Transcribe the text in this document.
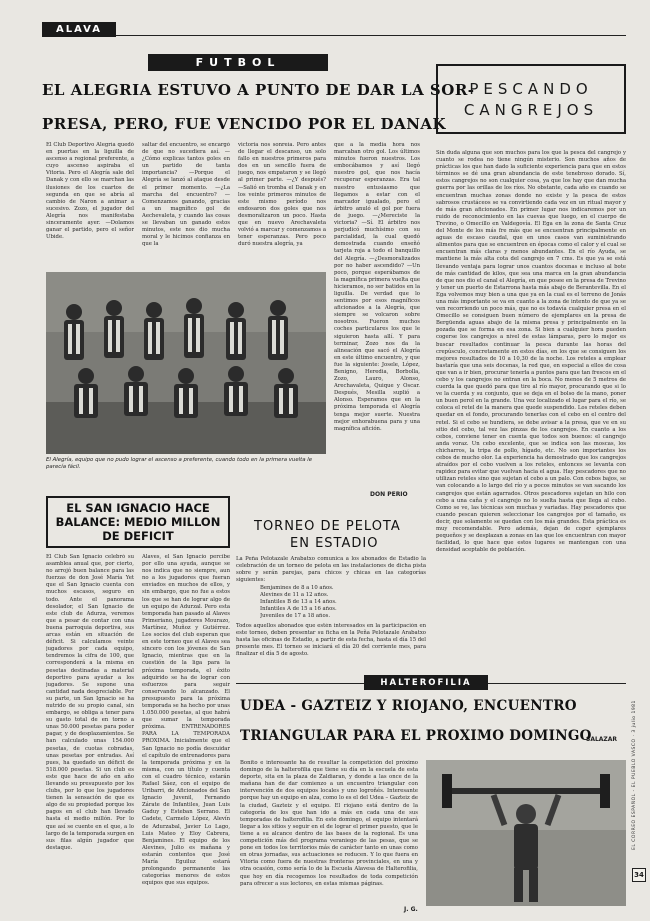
ALAVA
FUTBOL
EL ALEGRIA ESTUVO A PUNTO DE DAR LA SOR-
PRESA, PERO, FUE VENCIDO POR EL DANAK
El Club Deportivo Alegría quedó en puertas en la liguilla de ascenso a regional preferente, a cuyo ascenso aspiraba el Vitoria. Pero el Alegría sale del Danak y con ello se marchan las ilusiones de los cuartos de segunda en que se abría al cambio de Naron a animar a sucesivo. Zozo, el jugador del Alegría nos manifestaba sinceramente ayer. —Dolamos ganar el partido, pero el señor Ubide.
saltar del encuentro, se encargó de que no sucediera así. —¿Cómo explicas tantos goles en un partido de tanta importancia? —Porque el Alegría se lanzó al ataque desde el primer momento. —¿La marcha del encuentro? —Comenzamos ganando, gracias a un magnífico gol de Aechevaleta, y cuando las cosas se llevaban un ganado estos minutos, este nos dio mucha moral y le hicimos confianza en que la
victoria nos sonreía. Pero antes de llegar el descanso, un solo fallo en nuestros primeros para dos en un sencillo fuera de juego, nos empataron y se llegó al primer parte. —¿Y después? —Salió en tromba el Danak y en los veinte primeros minutos de este mismo período nos endosaron dos goles que nos desmoralizaron un poco. Hasta que en nuevo Arechavaleta volvió a marcar y comenzamos a tener esperanzas. Pero poco duró nuestra alegría, ya
que a la media hora nos marcaban otro gol. Los últimos minutos fueron nuestros. Los embocábamos y así llegó nuestro gol, que nos hacía recuperar esperanzas. Era tal nuestro entusiasmo que llegamos a estar con el marcador igualado, pero el árbitro anuló el gol por fuera de juego. —¿Mereciste la victoria? —Sí. El árbitro nos perjudicó muchísimo con su parcialidad, la cual quedó demostrada cuando enseñó tarjeta roja a todo el banquillo del Alegría. —¿Desmoralizados por no haber ascendido? —Un poco, porque esperábamos de la magnífica primera vuelta que hicieramos, no ser batidos en la liguilla. De verdad que lo sentimos por esos magníficos aficionados a la Alegría, que siempre se volcaron sobre nosotros. Fueron muchos coches particulares los que le siguieron hasta allí. Y para terminar, Zozo nos da la alineación que sacó el Alegría en este último encuentro, y que fue la siguiente: Josele, López, Benigno, Heredia, Borbolla, Zozo, Lauro, Alonso, Arechavaleta, Quique y Oscar. Después, Mesilla suplió a Alonso. Esperamos que en la próxima temporada el Alegría tenga mejor suerte. Nuestra mejor enhorabuena para y una magnífica afición.
El Alegría, equipo que no pudo lograr el ascenso a preferente, cuando todo en la primera vuelta le parecía fácil.
DON PERIO
PESCANDO
CANGREJOS
Sin duda alguna que son muchos para los que la pesca del cangrejo y cuanto se rodea no tiene ningún misterio. Son muchos años de prácticas los que han dado la suficiente experiencia para que en estos términos se dé una gran abundancia de este tenebroso dorado. Sí, estos cangrejos no son cualquier cosa, ya que los hay que dan mucha guerra por las orillas de los ríos. No obstante, cada año es cuando se encuentran muchas zonas donde no existe y la pesca de estos sabrosos crustáceos se va convirtiendo cada vez en un ritual mayor y de más gran aficionados. En primer lugar nos indicaremos por un ruido de reconocimiento en las cuevas que luego, en el cuerpo de Trevino, o Omecillo en Valdegovía. El Ega en la zona de Santa Cruz del Monte de los más fre más que se encuentran principalmente en aguas de escaso caudal, que en unos casos van suministrando alimentos para que se encuentren en épocas como el calor y el cual se encuentran más claras y menos abundantes. En el río Ayuda, se mantiene la más alta cota del cangrejo en 7 cms. Es que ya se está llevando ventaja para lograr unos cuantos docenas e incluso al bote de más cantidad de kilos, que sea una marca en la gran abundancia de que nos dio el canal el Alegría, en que posee en la presa de Trevino y tener un puerto de Estarrona hasta más abajo de Berantevilla. En el Ega volvemos muy bien a una que ya en la cual es el terreno de Jonás una más importante se va en cuanto a la zona de intento de que ya se ven recorriendo un poco más, que no es todavía cualquier presa en el Omecillo se consiguen buen número de ejemplares en la presa de Bergüenda aguas abajo de la misma presa y principalmente en la pozada que se forma en esa zona. Si bien a cualquier hora pueden cogerse los cangrejos a nivel de estas lámparas, pero lo mejor es buscar resultados continuar la pesca durante las horas del crepúsculo, concretamente en estos días, en los que se consiguen los mejores resultados de 10 a 10,30 de la noche. Los reteles a emplear bastaría que una seis docenas, la red que, en especial a ellos de cosa que van a ir bien, procurar tenerla a puntos para que tan frescos en el cebo y los cangrejos no entran en la boca. No menos de 5 metros de cuerda la que quedó para que tire al río mayor, procurando que si lo ve la cuerda y su conjunto, que se deja en el bolso de la mano, poner un buen perol en la grande. Una vez localizado el lugar para el río, se coloca el retel de la manera que quede suspendido. Los reteles deben quedar en el fondo, procurando tenerlas con el cebo en el centro del retel. Si el cebo se hundiera, se debe avisar a la presa, que ve en su sitio del cebo, tal vez las pinzas de los cangrejos. En cuanto a los cebos, conviene tener en cuenta que todos son buenos: el cangrejo anda voraz. Un cebo excelente, que se indica son las moscas, los chicharros, la tripa de pollo, hígado, etc. No son importantes los cebos de mucho olor. La experiencia ha demostrado que los cangrejos atraídos por el cebo vuelven a los reteles, entonces se levanta con rapidez para evitar que vuelvan hacia el agua. Hay pescadores que no utilizan reteles sino que sujetan el cebo a un palo. Con cebos bajos, se van colocando a lo largo del río y a pocos minutos se van sacando los cangrejos que están agarrados. Otros pescadores sujetan un hilo con cebo a una caña y el cangrejo no lo suelta hasta que llega al cubo. Como se ve, las técnicas son muchas y variadas. Hay pescadores que cuando pescan quieren seleccionar los cangrejos por el tamaño, es decir, que solamente se quedan con los más grandes. Esta práctica es muy recomendable. Pero además, dejan de coger ejemplares pequeños y se desplazan a zonas en las que los encuentran con mayor facilidad, lo que hace que estos lugares se mantengan con una densidad aceptable de población.
SALAZAR
EL SAN IGNACIO HACE BALANCE: MEDIO MILLON DE DEFICIT
El Club San Ignacio celebró su asamblea anual que, por cierto, no arrojó buen balance para las fuerzas de don José María Yet que el San Ignacio cuenta con muchos escasos, seguro en todo. Ante el panorama desolador, el San Ignacio de este club de Adurza, veremos que a pesar de contar con una buena parroquia deportiva, sus arcas están en situación de déficit. Si calculamos veinte jugadores por cada equipo, tendremos la cifra de 100, que corresponderá a la misma en pesetas destinadas a material deportivo para ayudar a los jugadores. Se supone una cantidad nada despreciable. Por su parte, un San Ignacio se ha nutrido de su propio canal, sin embargo, se obliga a tener para su gasto total de en torno a unas 50.000 pesetas para poder pagar, y de desplazamientos. Se han calculado unas 154.000 pesetas, de cuotas cobradas, unas pesetas por entradas. Así pues, ha quedado un déficit de 518.000 pesetas. Si un club es este que hace de año en año llevando su presupuesto por los clubs, por lo que los jugadores tienen la sensación de que es algo de su propiedad porque los pagos en el club han llevado hasta el medio millón. Por lo que así se cuente en el que, a lo largo de la temporada surgen en sus filas algún jugador que destaque.
Alaves, el San Ignacio percibe por ello una ayuda, aunque se nos indica que no siempre, aun no a los jugadores que fueran enviados en muchos de ellos, y sin embargo, que no fue a estos los que se han de lograr algo de un equipo de Adurzal. Pero esta temporada han pasado al Alaves Primeriano, jugadores Mourazo, Martínez, Muñoz y Gutiérrez. Los socios del club esperan que en este torneo que el Alaves sea sincero con los jóvenes de San Ignacio, mientras que en la cuestión de la liga para la próxima temporada, el éxito adquirido se ha de lograr con esfuerzos para seguir conservando lo alcanzado. El presupuesto para la próxima temporada se ha hecho por unas 1.050.000 pesetas, al que habrá que sumar la temporada próxima. ENTRENADORES PARA LA TEMPORADA PROXIMA. Inicialmente que el San Ignacio no podía descuidar el capítulo de entrenadores para la temporada próxima y en la misma, con un título y cuenta con el cuadro técnico, estarán Rafael Sáez, con el equipo de Uribarri, de Aficionados del San Ignacio Juvenil, Fernando Zárate de Infantiles, Juan Luis Gaduy y Esteban Serrano. El Cadete, Carmelo López, Alevín de Adurzabal, Javier Lo Lago, Luis Mateo y Eloy Cabrera, Benjamines. El equipo de los Alevines, Julio es mañana y estarán contentos que José María Eguiluz estará prolongando permanente las categorías menores de estos equipos que sus equipos.
TORNEO DE PELOTA
EN ESTADIO
La Peña Pelotazale Arabatxo comunica a los abonados de Estadio la celebración de un torneo de pelota en las instalaciones de dicha pista sobre y serán parejas, para chicos y chicas en las categorías siguientes:
Benjamines de 8 a 10 años.
Alevines de 11 a 12 años.
Infantiles B de 13 a 14 años.
Infantiles A de 15 a 16 años.
Juveniles de 17 a 18 años.
Todos aquellos abonados que estén interesados en la participación en este torneo, deben presentar su ficha en la Peña Pelotazale Arabatxo hasta las oficinas de Estadio, a partir de esta fecha, hasta el día 15 del presente mes. El torneo se iniciará el día 20 del corriente mes, para finalizar el día 5 de agosto.
HALTEROFILIA
UDEA - GAZTEIZ Y RIOJANO, ENCUENTRO
TRIANGULAR PARA EL PROXIMO DOMINGO
Bonito e interesante ha de resultar la competición del próximo domingo de la halterofilia que tiene su día en la escuela de esta deporte, sita en la plaza de Zaldiaran, y donde a las once de la mañana han de dar comienzo a un encuentro triangular con intervención de dos equipos locales y uno logroñés. Interesante porque hay un equipo en alza, como lo es el del Udea – Gazteiz de la ciudad, Gazteiz y el equipo. El riojano está dentro de la categoría de los que han ido a más en cada una de sus temporadas de halterofilia. En este domingo, el equipo intentará llegar a los sitios y seguir en el de lograr el primer puesto, que le tiene a su alcance dentro de las bases de la regional. Es una competición más del programa veraniego de las pesas, que se pone en todos los territorios más de carácter tanto en unas como en otras jornadas, sus actuaciones se reducen. Y lo que fuera en Vitoria como fuera de nuestras fronteras provinciales, en una y otra ocasión, como sería lo de la Escuela Alavesa de Halterofilia, que hoy en día recogemos los resultados de toda competición para ofrecer a sus lectores, en estas mismas páginas.
J. G.
EL CORREO ESPAÑOL - EL PUEBLO VASCO · 3 julio 1981
34
